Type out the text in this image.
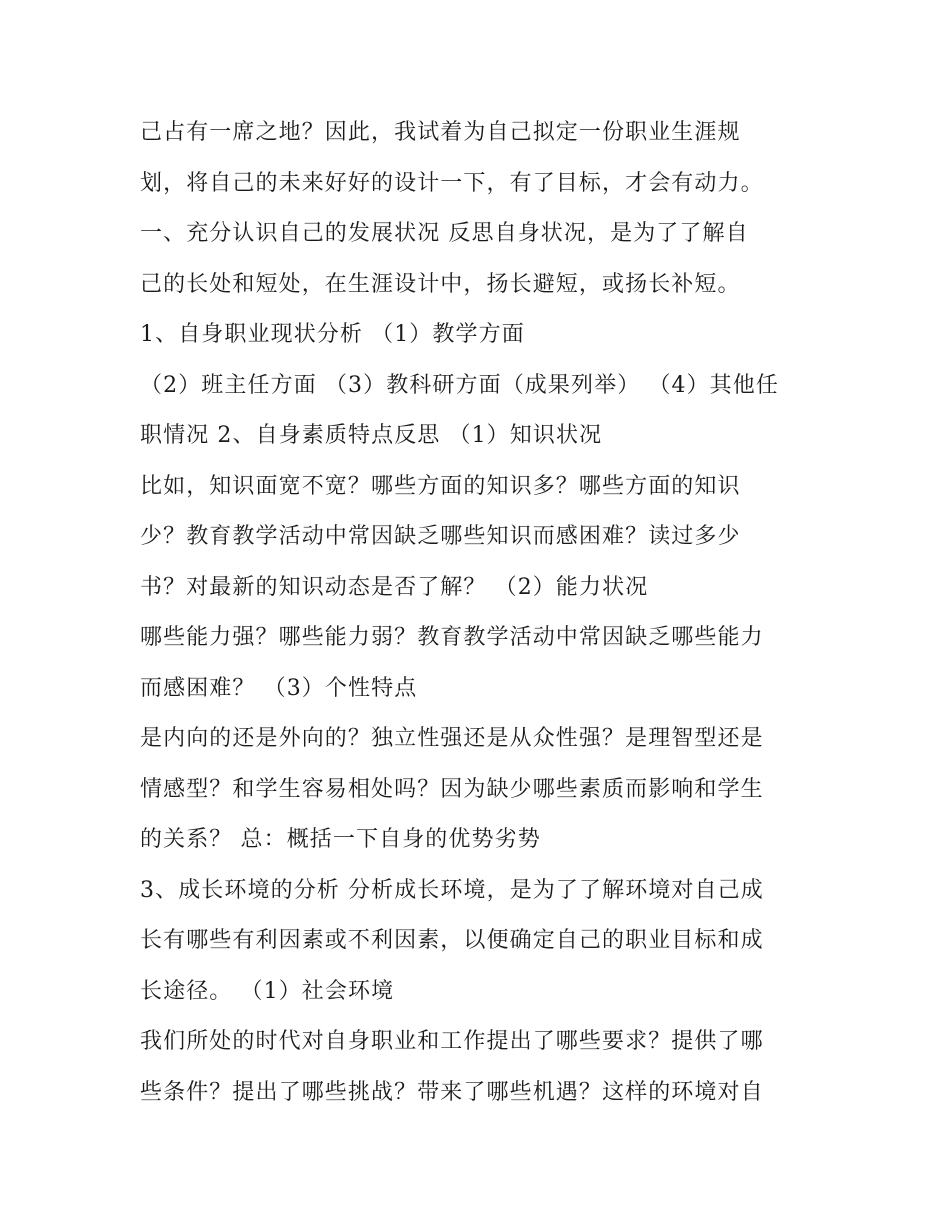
己占有一席之地？因此，我试着为自己拟定一份职业生涯规
划，将自己的未来好好的设计一下，有了目标，才会有动力。
一、充分认识自己的发展状况 反思自身状况，是为了了解自
己的长处和短处，在生涯设计中，扬长避短，或扬长补短。
1、自身职业现状分析 （1）教学方面
（2）班主任方面 （3）教科研方面（成果列举） （4）其他任
职情况 2、自身素质特点反思 （1）知识状况
比如，知识面宽不宽？哪些方面的知识多？哪些方面的知识
少？教育教学活动中常因缺乏哪些知识而感困难？读过多少
书？对最新的知识动态是否了解？ （2）能力状况
哪些能力强？哪些能力弱？教育教学活动中常因缺乏哪些能力
而感困难？ （3）个性特点
是内向的还是外向的？独立性强还是从众性强？是理智型还是
情感型？和学生容易相处吗？因为缺少哪些素质而影响和学生
的关系？ 总：概括一下自身的优势劣势
3、成长环境的分析 分析成长环境，是为了了解环境对自己成
长有哪些有利因素或不利因素，以便确定自己的职业目标和成
长途径。 （1）社会环境
我们所处的时代对自身职业和工作提出了哪些要求？提供了哪
些条件？提出了哪些挑战？带来了哪些机遇？这样的环境对自
